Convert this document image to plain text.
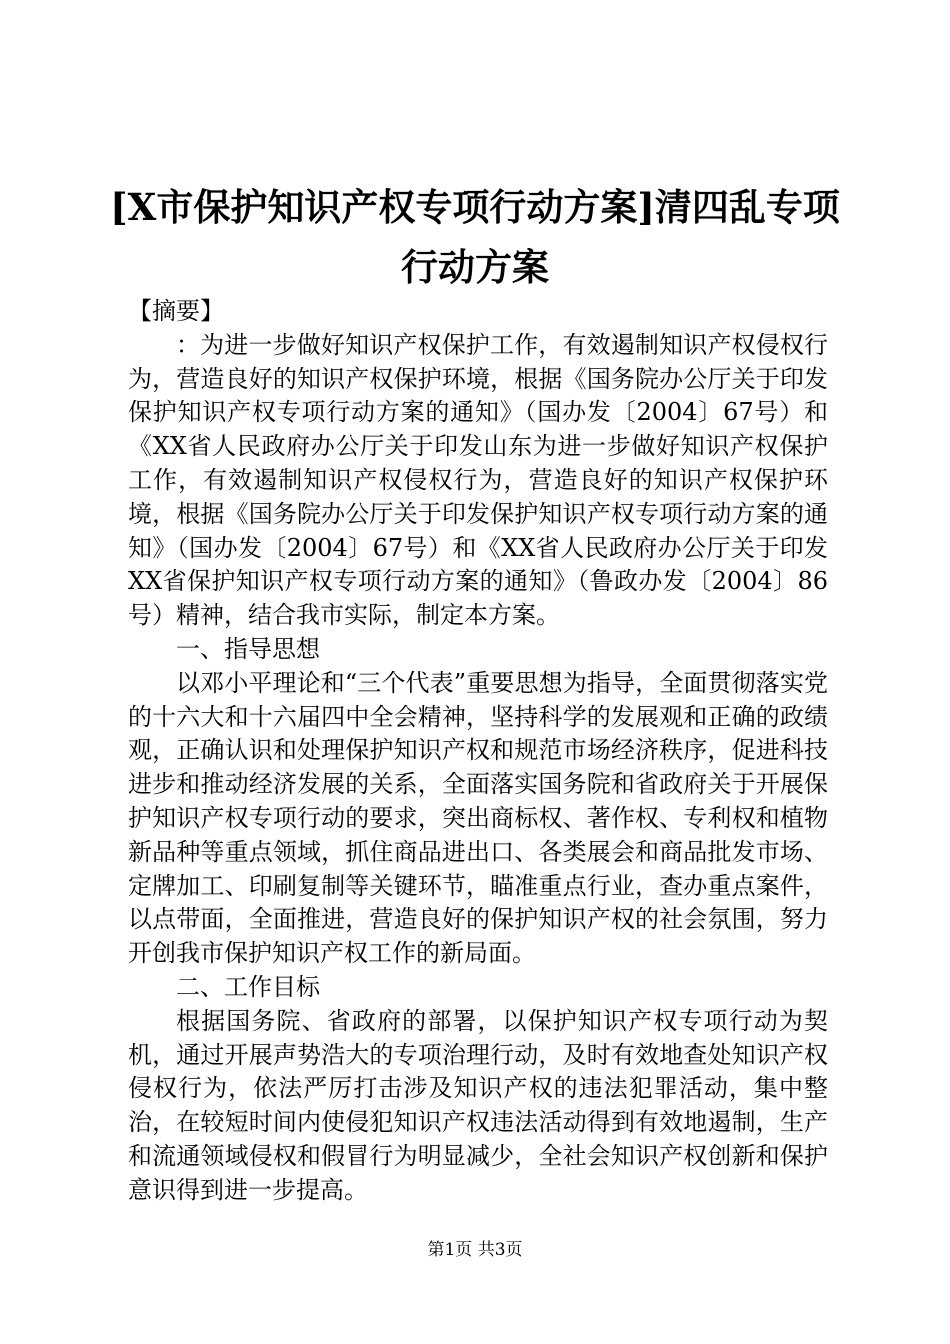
[X市保护知识产权专项行动方案]清四乱专项
行动方案

【摘要】

：为进一步做好知识产权保护工作，有效遏制知识产权侵权行为，营造良好的知识产权保护环境，根据《国务院办公厅关于印发保护知识产权专项行动方案的通知》（国办发〔2004〕67号）和《XX省人民政府办公厅关于印发山东为进一步做好知识产权保护工作，有效遏制知识产权侵权行为，营造良好的知识产权保护环境，根据《国务院办公厅关于印发保护知识产权专项行动方案的通知》（国办发〔2004〕67号）和《XX省人民政府办公厅关于印发XX省保护知识产权专项行动方案的通知》（鲁政办发〔2004〕86号）精神，结合我市实际，制定本方案。

一、指导思想

以邓小平理论和“三个代表”重要思想为指导，全面贯彻落实党的十六大和十六届四中全会精神，坚持科学的发展观和正确的政绩观，正确认识和处理保护知识产权和规范市场经济秩序，促进科技进步和推动经济发展的关系，全面落实国务院和省政府关于开展保护知识产权专项行动的要求，突出商标权、著作权、专利权和植物新品种等重点领域，抓住商品进出口、各类展会和商品批发市场、定牌加工、印刷复制等关键环节，瞄准重点行业，查办重点案件，以点带面，全面推进，营造良好的保护知识产权的社会氛围，努力开创我市保护知识产权工作的新局面。

二、工作目标

根据国务院、省政府的部署，以保护知识产权专项行动为契机，通过开展声势浩大的专项治理行动，及时有效地查处知识产权侵权行为，依法严厉打击涉及知识产权的违法犯罪活动，集中整治，在较短时间内使侵犯知识产权违法活动得到有效地遏制，生产和流通领域侵权和假冒行为明显减少，全社会知识产权创新和保护意识得到进一步提高。

第1页 共3页
